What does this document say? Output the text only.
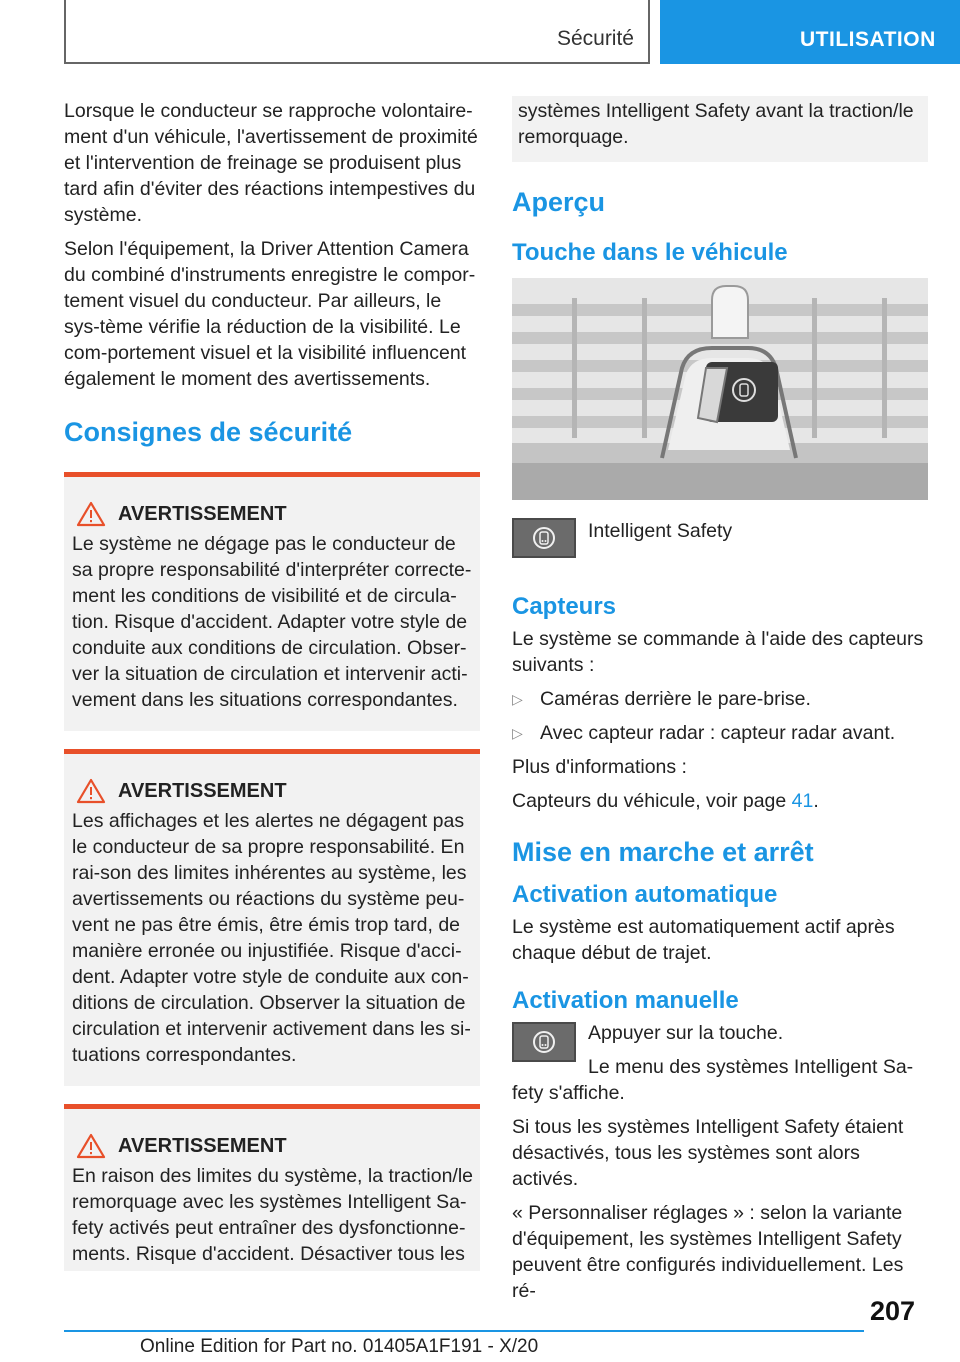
Sécurité	UTILISATION

Lorsque le conducteur se rapproche volontaire‐ment d'un véhicule, l'avertissement de proximité et l'intervention de freinage se produisent plus tard afin d'éviter des réactions intempestives du système.

Selon l'équipement, la Driver Attention Camera du combiné d'instruments enregistre le compor‐tement visuel du conducteur. Par ailleurs, le sys‐tème vérifie la réduction de la visibilité. Le com‐portement visuel et la visibilité influencent également le moment des avertissements.

Consignes de sécurité
AVERTISSEMENT
Le système ne dégage pas le conducteur de sa propre responsabilité d'interpréter correcte‐ment les conditions de visibilité et de circula‐tion. Risque d'accident. Adapter votre style de conduite aux conditions de circulation. Obser‐ver la situation de circulation et intervenir acti‐vement dans les situations correspondantes.
AVERTISSEMENT
Les affichages et les alertes ne dégagent pas le conducteur de sa propre responsabilité. En rai‐son des limites inhérentes au système, les avertissements ou réactions du système peu‐vent ne pas être émis, être émis trop tard, de manière erronée ou injustifiée. Risque d'acci‐dent. Adapter votre style de conduite aux con‐ditions de circulation. Observer la situation de circulation et intervenir activement dans les si‐tuations correspondantes.
AVERTISSEMENT
En raison des limites du système, la traction/le remorquage avec les systèmes Intelligent Sa‐fety activés peut entraîner des dysfonctionne‐ments. Risque d'accident. Désactiver tous les
systèmes Intelligent Safety avant la traction/le remorquage.
Aperçu
Touche dans le véhicule
Intelligent Safety
Capteurs

Le système se commande à l'aide des capteurs suivants :

▷ Caméras derrière le pare-brise.
▷ Avec capteur radar : capteur radar avant.

Plus d'informations :

Capteurs du véhicule, voir page 41.

Mise en marche et arrêt
Activation automatique

Le système est automatiquement actif après chaque début de trajet.

Activation manuelle

Appuyer sur la touche.

Le menu des systèmes Intelligent Sa‐fety s'affiche.

Si tous les systèmes Intelligent Safety étaient désactivés, tous les systèmes sont alors activés.

« Personnaliser réglages » : selon la variante d'équipement, les systèmes Intelligent Safety peuvent être configurés individuellement. Les ré‐

207
Online Edition for Part no. 01405A1F191 - X/20
